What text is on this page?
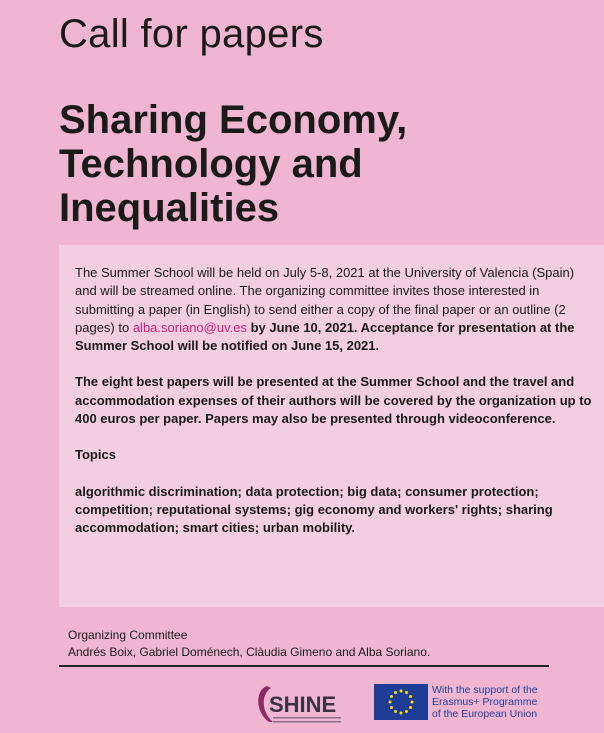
Call for papers
Sharing Economy,
Technology and
Inequalities

The Summer School will be held on July 5-8, 2021 at the University of Valencia (Spain) and will be streamed online. The organizing committee invites those interested in submitting a paper (in English) to send either a copy of the final paper or an outline (2 pages) to alba.soriano@uv.es by June 10, 2021. Acceptance for presentation at the Summer School will be notified on June 15, 2021.

The eight best papers will be presented at the Summer School and the travel and accommodation expenses of their authors will be covered by the organization up to 400 euros per paper. Papers may also be presented through videoconference.

Topics

algorithmic discrimination; data protection; big data; consumer protection; competition; reputational systems; gig economy and workers' rights; sharing accommodation; smart cities; urban mobility.

Organizing Committee
Andrés Boix, Gabriel Doménech, Clàudia Gimeno and Alba Soriano.
SHINE
With the support of the
Erasmus+ Programme
of the European Union
